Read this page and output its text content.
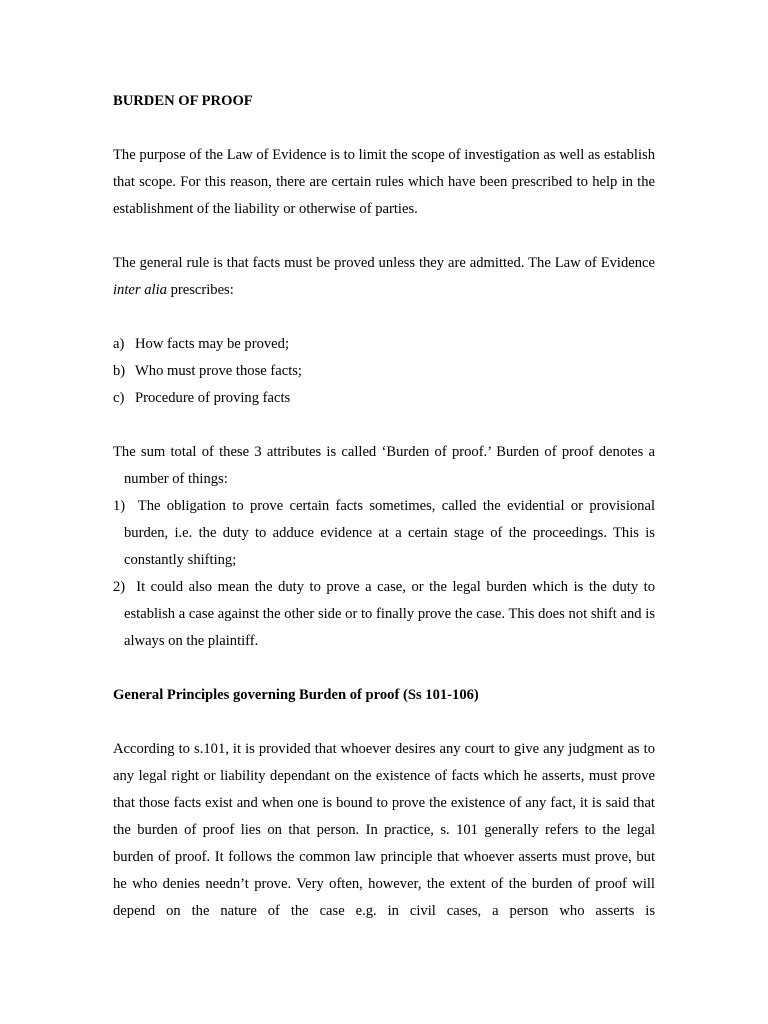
BURDEN OF PROOF

The purpose of the Law of Evidence is to limit the scope of investigation as well as establish that scope. For this reason, there are certain rules which have been prescribed to help in the establishment of the liability or otherwise of parties.

The general rule is that facts must be proved unless they are admitted. The Law of Evidence inter alia prescribes:

a) How facts may be proved;
b) Who must prove those facts;
c) Procedure of proving facts

The sum total of these 3 attributes is called ‘Burden of proof.’ Burden of proof denotes a number of things:

1) The obligation to prove certain facts sometimes, called the evidential or provisional burden, i.e. the duty to adduce evidence at a certain stage of the proceedings. This is constantly shifting;
2) It could also mean the duty to prove a case, or the legal burden which is the duty to establish a case against the other side or to finally prove the case. This does not shift and is always on the plaintiff.

General Principles governing Burden of proof (Ss 101-106)

According to s.101, it is provided that whoever desires any court to give any judgment as to any legal right or liability dependant on the existence of facts which he asserts, must prove that those facts exist and when one is bound to prove the existence of any fact, it is said that the burden of proof lies on that person. In practice, s. 101 generally refers to the legal burden of proof. It follows the common law principle that whoever asserts must prove, but he who denies needn’t prove. Very often, however, the extent of the burden of proof will depend on the nature of the case e.g. in civil cases, a person who asserts is
